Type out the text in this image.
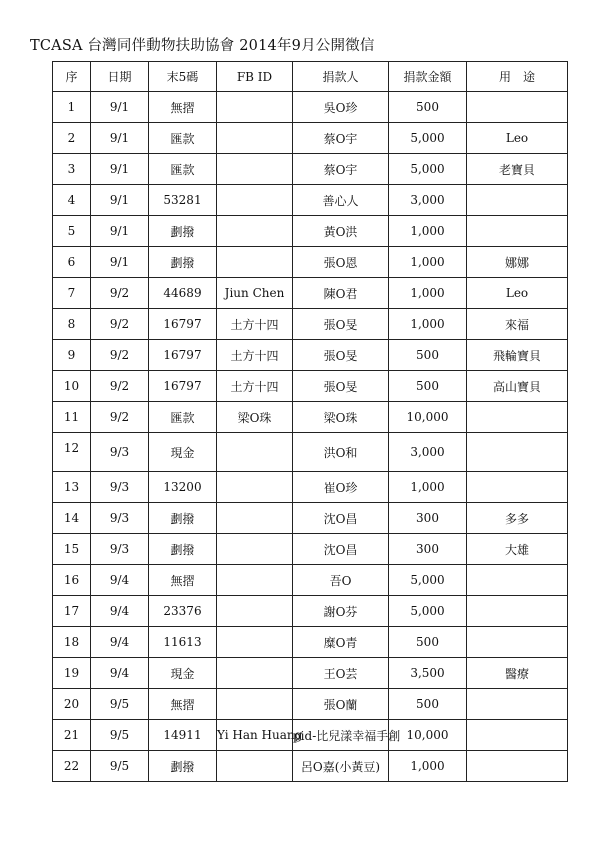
TCASA 台灣同伴動物扶助協會 2014年9月公開徵信
序	日期	末5碼	FB ID	捐款人	捐款金額	用　途
1	9/1	無摺		吳O珍	500	
2	9/1	匯款		蔡O宇	5,000	Leo
3	9/1	匯款		蔡O宇	5,000	老寶貝
4	9/1	53281		善心人	3,000	
5	9/1	劃撥		黃O洪	1,000	
6	9/1	劃撥		張O恩	1,000	娜娜
7	9/2	44689	Jiun Chen	陳O君	1,000	Leo
8	9/2	16797	土方十四	張O旻	1,000	來福
9	9/2	16797	土方十四	張O旻	500	飛輪寶貝
10	9/2	16797	土方十四	張O旻	500	高山寶貝
11	9/2	匯款	梁O珠	梁O珠	10,000	
12	9/3	現金		洪O和	3,000	
13	9/3	13200		崔O珍	1,000	
14	9/3	劃撥		沈O昌	300	多多
15	9/3	劃撥		沈O昌	300	大雄
16	9/4	無摺		吾O	5,000	
17	9/4	23376		謝O芬	5,000	
18	9/4	11613		糜O青	500	
19	9/4	現金		王O芸	3,500	醫療
20	9/5	無摺		張O蘭	500	
21	9/5	14911	Yi Han Huang	pid-比兒漾幸福手創	10,000	
22	9/5	劃撥		呂O嘉(小黃豆)	1,000	
